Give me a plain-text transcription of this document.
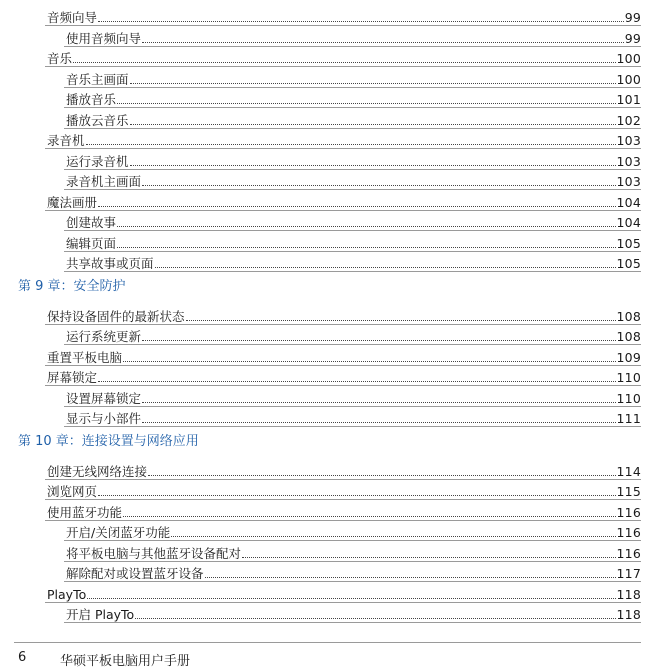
音频向导	99
使用音频向导	99
音乐	100
音乐主画面	100
播放音乐	101
播放云音乐	102
录音机	103
运行录音机	103
录音机主画面	103
魔法画册	104
创建故事	104
编辑页面	105
共享故事或页面	105
第 9 章：安全防护
保持设备固件的最新状态	108
运行系统更新	108
重置平板电脑	109
屏幕锁定	110
设置屏幕锁定	110
显示与小部件	111
第 10 章：连接设置与网络应用
创建无线网络连接	114
浏览网页	115
使用蓝牙功能	116
开启/关闭蓝牙功能	116
将平板电脑与其他蓝牙设备配对	116
解除配对或设置蓝牙设备	117
PlayTo	118
开启 PlayTo	118
6	华硕平板电脑用户手册
